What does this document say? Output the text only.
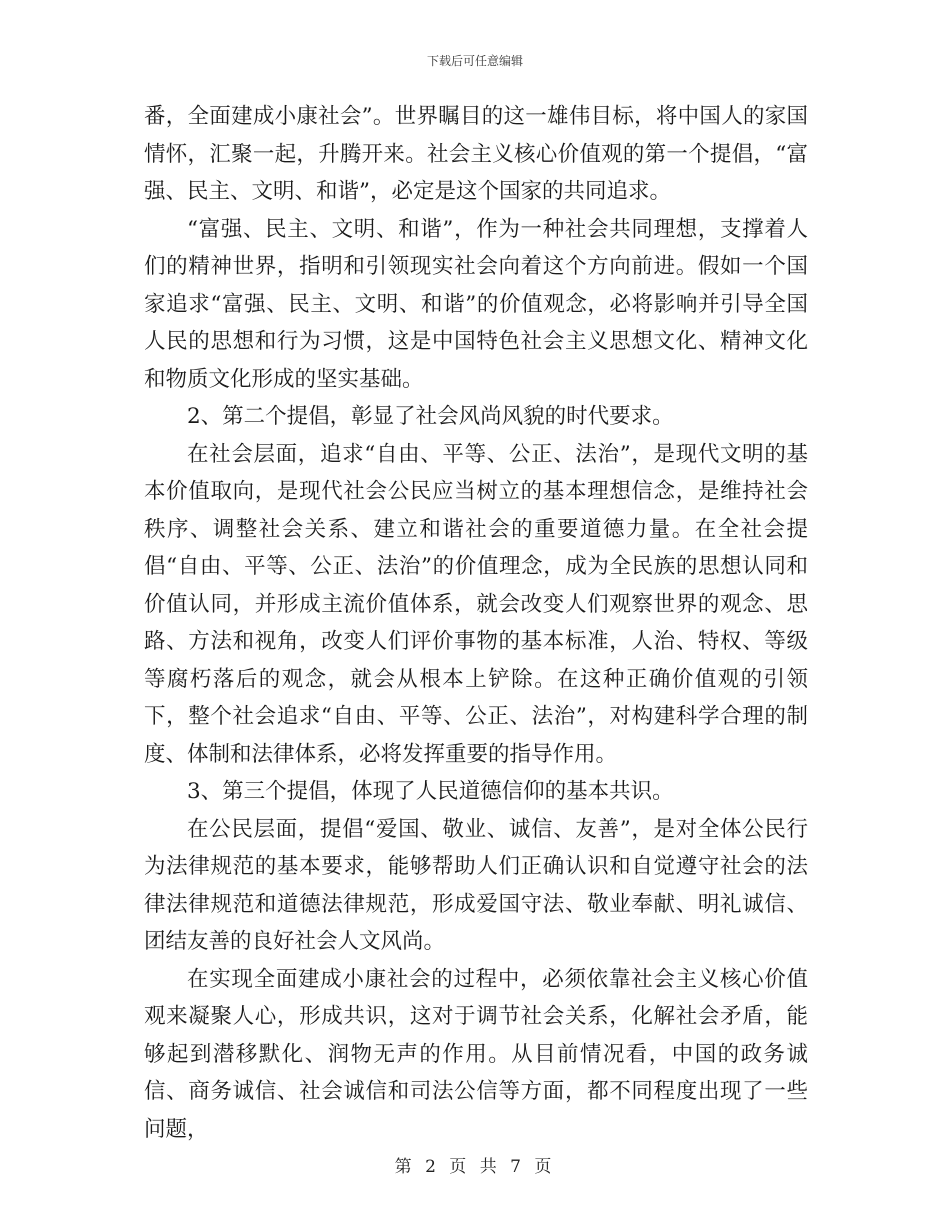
下载后可任意编辑

番，全面建成小康社会”。世界瞩目的这一雄伟目标，将中国人的家国情怀，汇聚一起，升腾开来。社会主义核心价值观的第一个提倡，“富强、民主、文明、和谐”，必定是这个国家的共同追求。

“富强、民主、文明、和谐”，作为一种社会共同理想，支撑着人们的精神世界，指明和引领现实社会向着这个方向前进。假如一个国家追求“富强、民主、文明、和谐”的价值观念，必将影响并引导全国人民的思想和行为习惯，这是中国特色社会主义思想文化、精神文化和物质文化形成的坚实基础。

2、第二个提倡，彰显了社会风尚风貌的时代要求。

在社会层面，追求“自由、平等、公正、法治”，是现代文明的基本价值取向，是现代社会公民应当树立的基本理想信念，是维持社会秩序、调整社会关系、建立和谐社会的重要道德力量。在全社会提倡“自由、平等、公正、法治”的价值理念，成为全民族的思想认同和价值认同，并形成主流价值体系，就会改变人们观察世界的观念、思路、方法和视角，改变人们评价事物的基本标准，人治、特权、等级等腐朽落后的观念，就会从根本上铲除。在这种正确价值观的引领下，整个社会追求“自由、平等、公正、法治”，对构建科学合理的制度、体制和法律体系，必将发挥重要的指导作用。

3、第三个提倡，体现了人民道德信仰的基本共识。

在公民层面，提倡“爱国、敬业、诚信、友善”，是对全体公民行为法律规范的基本要求，能够帮助人们正确认识和自觉遵守社会的法律法律规范和道德法律规范，形成爱国守法、敬业奉献、明礼诚信、团结友善的良好社会人文风尚。

在实现全面建成小康社会的过程中，必须依靠社会主义核心价值观来凝聚人心，形成共识，这对于调节社会关系，化解社会矛盾，能够起到潜移默化、润物无声的作用。从目前情况看，中国的政务诚信、商务诚信、社会诚信和司法公信等方面，都不同程度出现了一些问题，

第 2 页 共 7 页
